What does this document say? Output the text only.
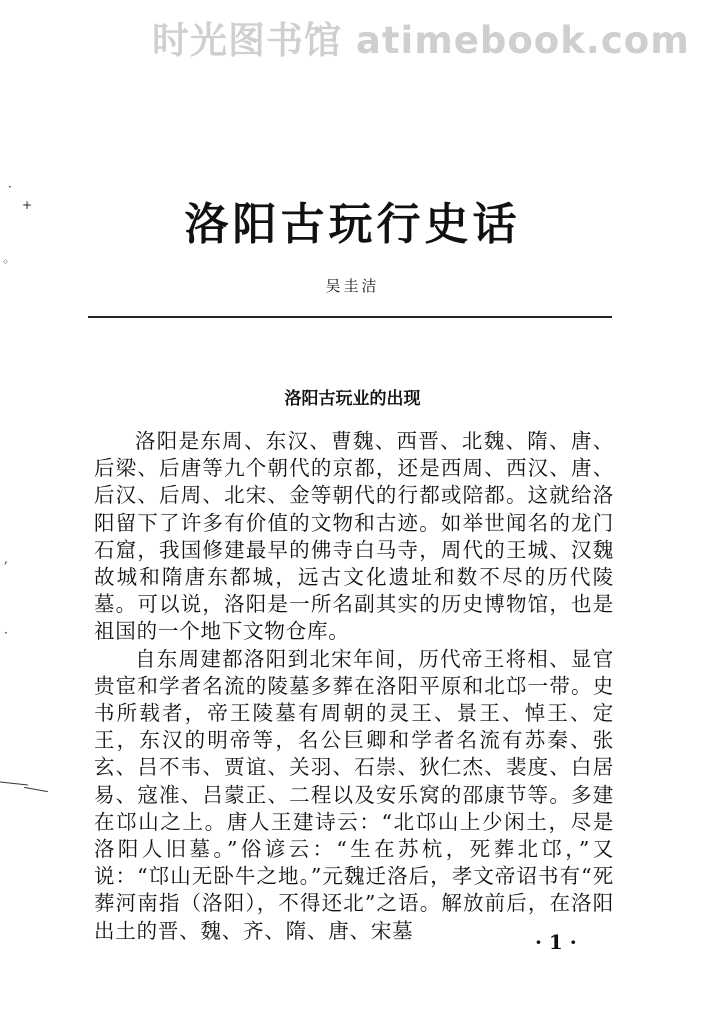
时光图书馆 atimebook.com
洛阳古玩行史话
吴圭洁
洛阳古玩业的出现

洛阳是东周、东汉、曹魏、西晋、北魏、隋、唐、后梁、后唐等九个朝代的京都，还是西周、西汉、唐、后汉、后周、北宋、金等朝代的行都或陪都。这就给洛阳留下了许多有价值的文物和古迹。如举世闻名的龙门石窟，我国修建最早的佛寺白马寺，周代的王城、汉魏故城和隋唐东都城，远古文化遗址和数不尽的历代陵墓。可以说，洛阳是一所名副其实的历史博物馆，也是祖国的一个地下文物仓库。

自东周建都洛阳到北宋年间，历代帝王将相、显官贵宦和学者名流的陵墓多葬在洛阳平原和北邙一带。史书所载者，帝王陵墓有周朝的灵王、景王、悼王、定王，东汉的明帝等，名公巨卿和学者名流有苏秦、张玄、吕不韦、贾谊、关羽、石崇、狄仁杰、裴度、白居易、寇准、吕蒙正、二程以及安乐窝的邵康节等。多建在邙山之上。唐人王建诗云：“北邙山上少闲土，尽是洛阳人旧墓。”俗谚云：“生在苏杭，死葬北邙，”又说：“邙山无卧牛之地。”元魏迁洛后，孝文帝诏书有“死葬河南指（洛阳），不得还北”之语。解放前后，在洛阳出土的晋、魏、齐、隋、唐、宋墓	· 1 ·
·
+
◦
,
·
